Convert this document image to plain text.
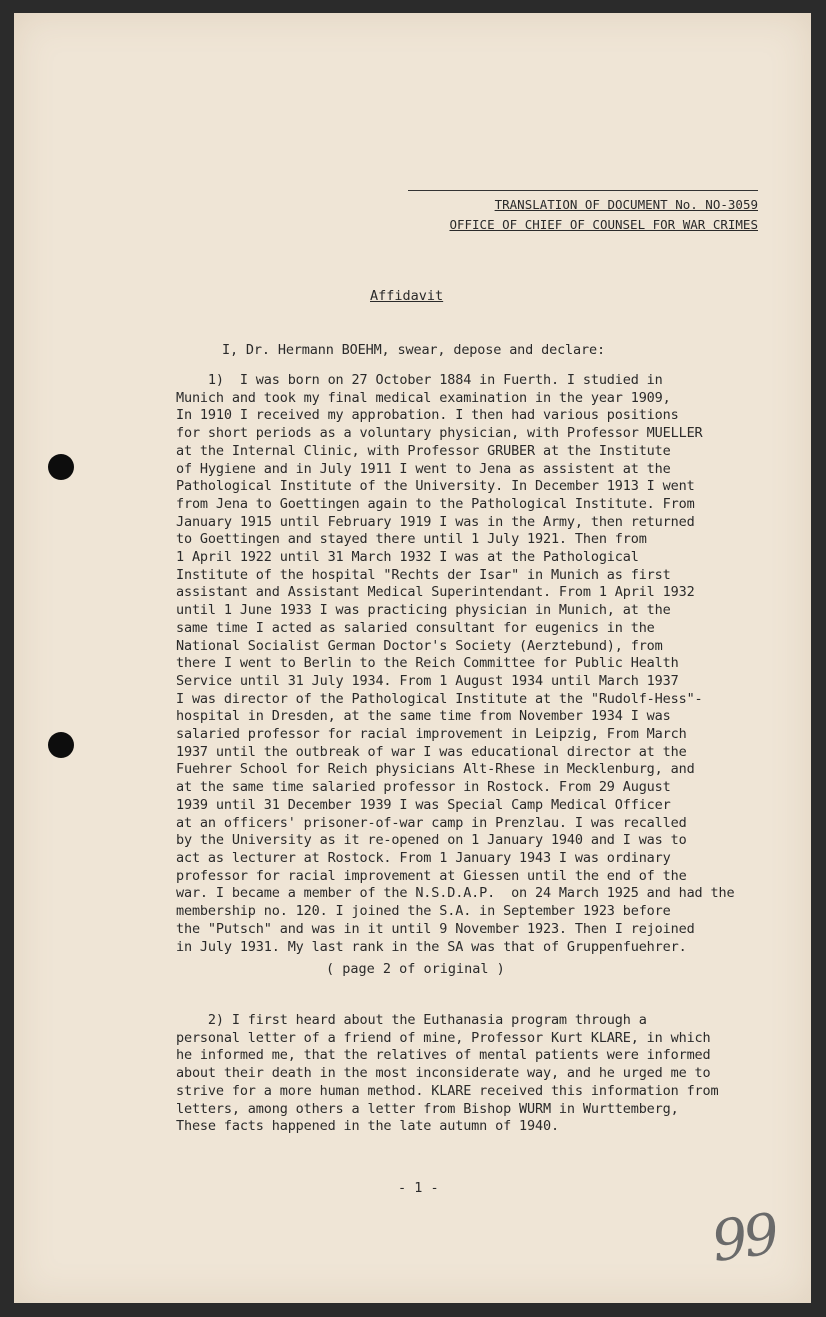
TRANSLATION OF DOCUMENT No. NO-3059
OFFICE OF CHIEF OF COUNSEL FOR WAR CRIMES
Affidavit
I, Dr. Hermann BOEHM, swear, depose and declare:
1)  I was born on 27 October 1884 in Fuerth. I studied in
Munich and took my final medical examination in the year 1909,
In 1910 I received my approbation. I then had various positions
for short periods as a voluntary physician, with Professor MUELLER
at the Internal Clinic, with Professor GRUBER at the Institute
of Hygiene and in July 1911 I went to Jena as assistent at the
Pathological Institute of the University. In December 1913 I went
from Jena to Goettingen again to the Pathological Institute. From
January 1915 until February 1919 I was in the Army, then returned
to Goettingen and stayed there until 1 July 1921. Then from
1 April 1922 until 31 March 1932 I was at the Pathological
Institute of the hospital "Rechts der Isar" in Munich as first
assistant and Assistant Medical Superintendant. From 1 April 1932
until 1 June 1933 I was practicing physician in Munich, at the
same time I acted as salaried consultant for eugenics in the
National Socialist German Doctor's Society (Aerztebund), from
there I went to Berlin to the Reich Committee for Public Health
Service until 31 July 1934. From 1 August 1934 until March 1937
I was director of the Pathological Institute at the "Rudolf-Hess"-
hospital in Dresden, at the same time from November 1934 I was
salaried professor for racial improvement in Leipzig, From March
1937 until the outbreak of war I was educational director at the
Fuehrer School for Reich physicians Alt-Rhese in Mecklenburg, and
at the same time salaried professor in Rostock. From 29 August
1939 until 31 December 1939 I was Special Camp Medical Officer
at an officers' prisoner-of-war camp in Prenzlau. I was recalled
by the University as it re-opened on 1 January 1940 and I was to
act as lecturer at Rostock. From 1 January 1943 I was ordinary
professor for racial improvement at Giessen until the end of the
war. I became a member of the N.S.D.A.P.  on 24 March 1925 and had the
membership no. 120. I joined the S.A. in September 1923 before
the "Putsch" and was in it until 9 November 1923. Then I rejoined
in July 1931. My last rank in the SA was that of Gruppenfuehrer.
( page 2 of original )
2) I first heard about the Euthanasia program through a
personal letter of a friend of mine, Professor Kurt KLARE, in which
he informed me, that the relatives of mental patients were informed
about their death in the most inconsiderate way, and he urged me to
strive for a more human method. KLARE received this information from
letters, among others a letter from Bishop WURM in Wurttemberg,
These facts happened in the late autumn of 1940.
- 1 -
99
